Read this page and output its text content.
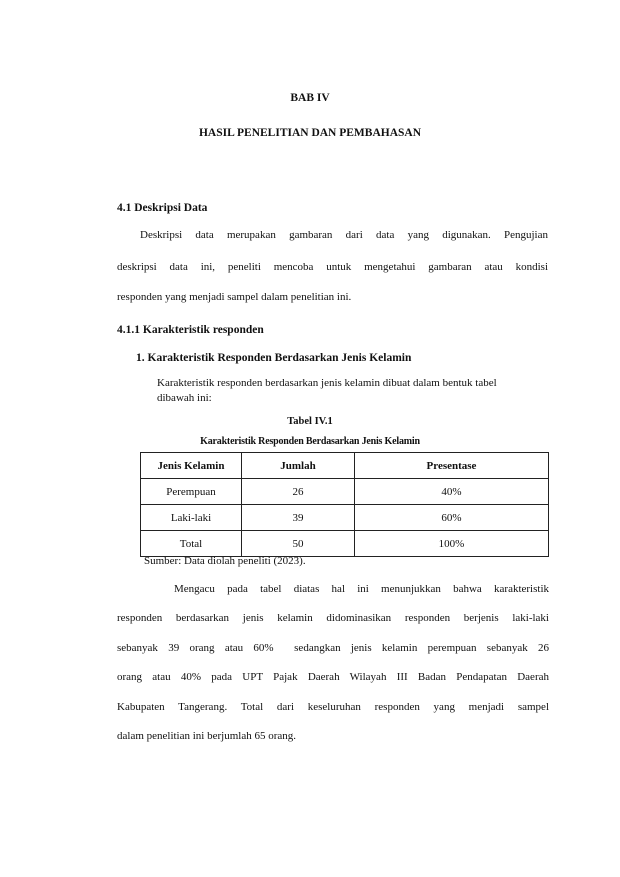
BAB IV
HASIL PENELITIAN DAN PEMBAHASAN
4.1 Deskripsi Data
Deskripsi data merupakan gambaran dari data yang digunakan. Pengujian
deskripsi data ini, peneliti mencoba untuk mengetahui gambaran atau kondisi
responden yang menjadi sampel dalam penelitian ini.
4.1.1 Karakteristik responden
1. Karakteristik Responden Berdasarkan Jenis Kelamin
Karakteristik responden berdasarkan jenis kelamin dibuat dalam bentuk tabel
dibawah ini:
Tabel IV.1
Karakteristik Responden Berdasarkan Jenis Kelamin
Jenis Kelamin	Jumlah	Presentase
Perempuan	26	40%
Laki-laki	39	60%
Total	50	100%
Sumber: Data diolah peneliti (2023).
Mengacu pada tabel diatas hal ini menunjukkan bahwa karakteristik
responden berdasarkan jenis kelamin didominasikan responden berjenis laki-laki
sebanyak 39 orang atau 60%  sedangkan jenis kelamin perempuan sebanyak 26
orang atau 40% pada UPT Pajak Daerah Wilayah III Badan Pendapatan Daerah
Kabupaten Tangerang. Total dari keseluruhan responden yang menjadi sampel
dalam penelitian ini berjumlah 65 orang.
